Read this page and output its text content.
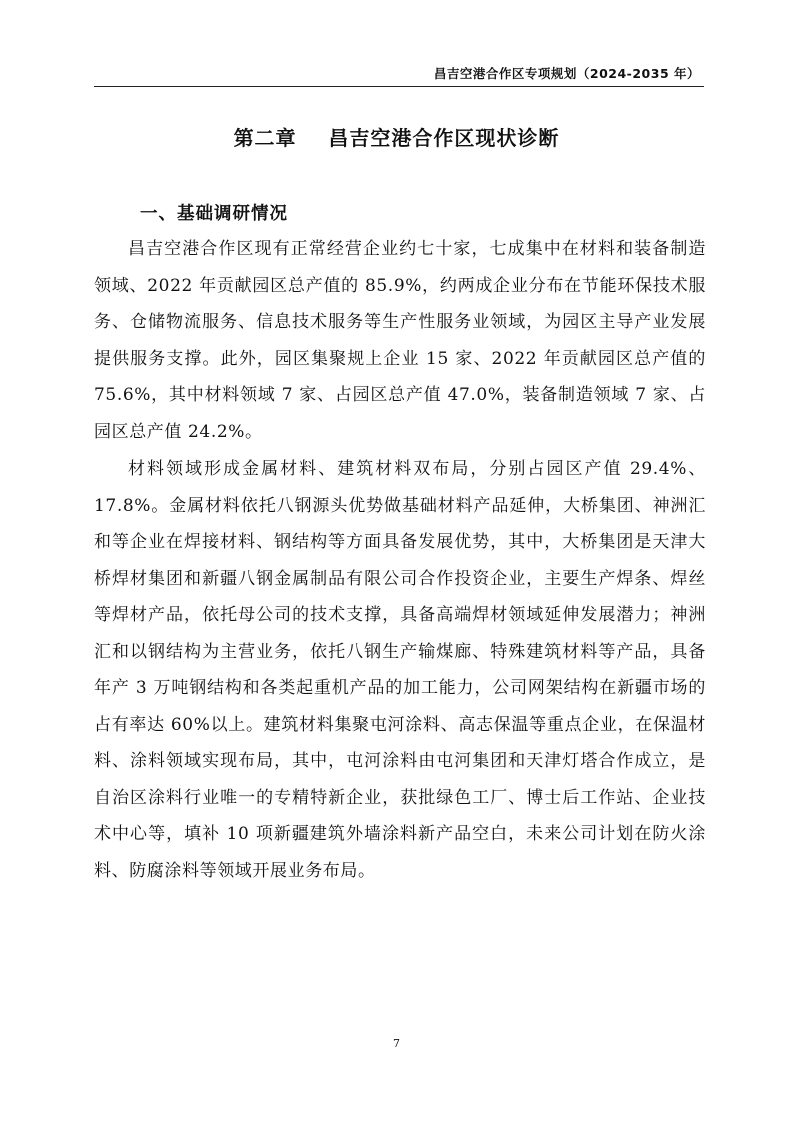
昌吉空港合作区专项规划（2024-2035 年）
第二章    昌吉空港合作区现状诊断
一、基础调研情况

昌吉空港合作区现有正常经营企业约七十家，七成集中在材料和装备制造领域、2022 年贡献园区总产值的 85.9%，约两成企业分布在节能环保技术服务、仓储物流服务、信息技术服务等生产性服务业领域，为园区主导产业发展提供服务支撑。此外，园区集聚规上企业 15 家、2022 年贡献园区总产值的 75.6%，其中材料领域 7 家、占园区总产值 47.0%，装备制造领域 7 家、占园区总产值 24.2%。

材料领域形成金属材料、建筑材料双布局，分别占园区产值 29.4%、17.8%。金属材料依托八钢源头优势做基础材料产品延伸，大桥集团、神洲汇和等企业在焊接材料、钢结构等方面具备发展优势，其中，大桥集团是天津大桥焊材集团和新疆八钢金属制品有限公司合作投资企业，主要生产焊条、焊丝等焊材产品，依托母公司的技术支撑，具备高端焊材领域延伸发展潜力；神洲汇和以钢结构为主营业务，依托八钢生产输煤廊、特殊建筑材料等产品，具备年产 3 万吨钢结构和各类起重机产品的加工能力，公司网架结构在新疆市场的占有率达 60%以上。建筑材料集聚屯河涂料、高志保温等重点企业，在保温材料、涂料领域实现布局，其中，屯河涂料由屯河集团和天津灯塔合作成立，是自治区涂料行业唯一的专精特新企业，获批绿色工厂、博士后工作站、企业技术中心等，填补 10 项新疆建筑外墙涂料新产品空白，未来公司计划在防火涂料、防腐涂料等领域开展业务布局。

7
